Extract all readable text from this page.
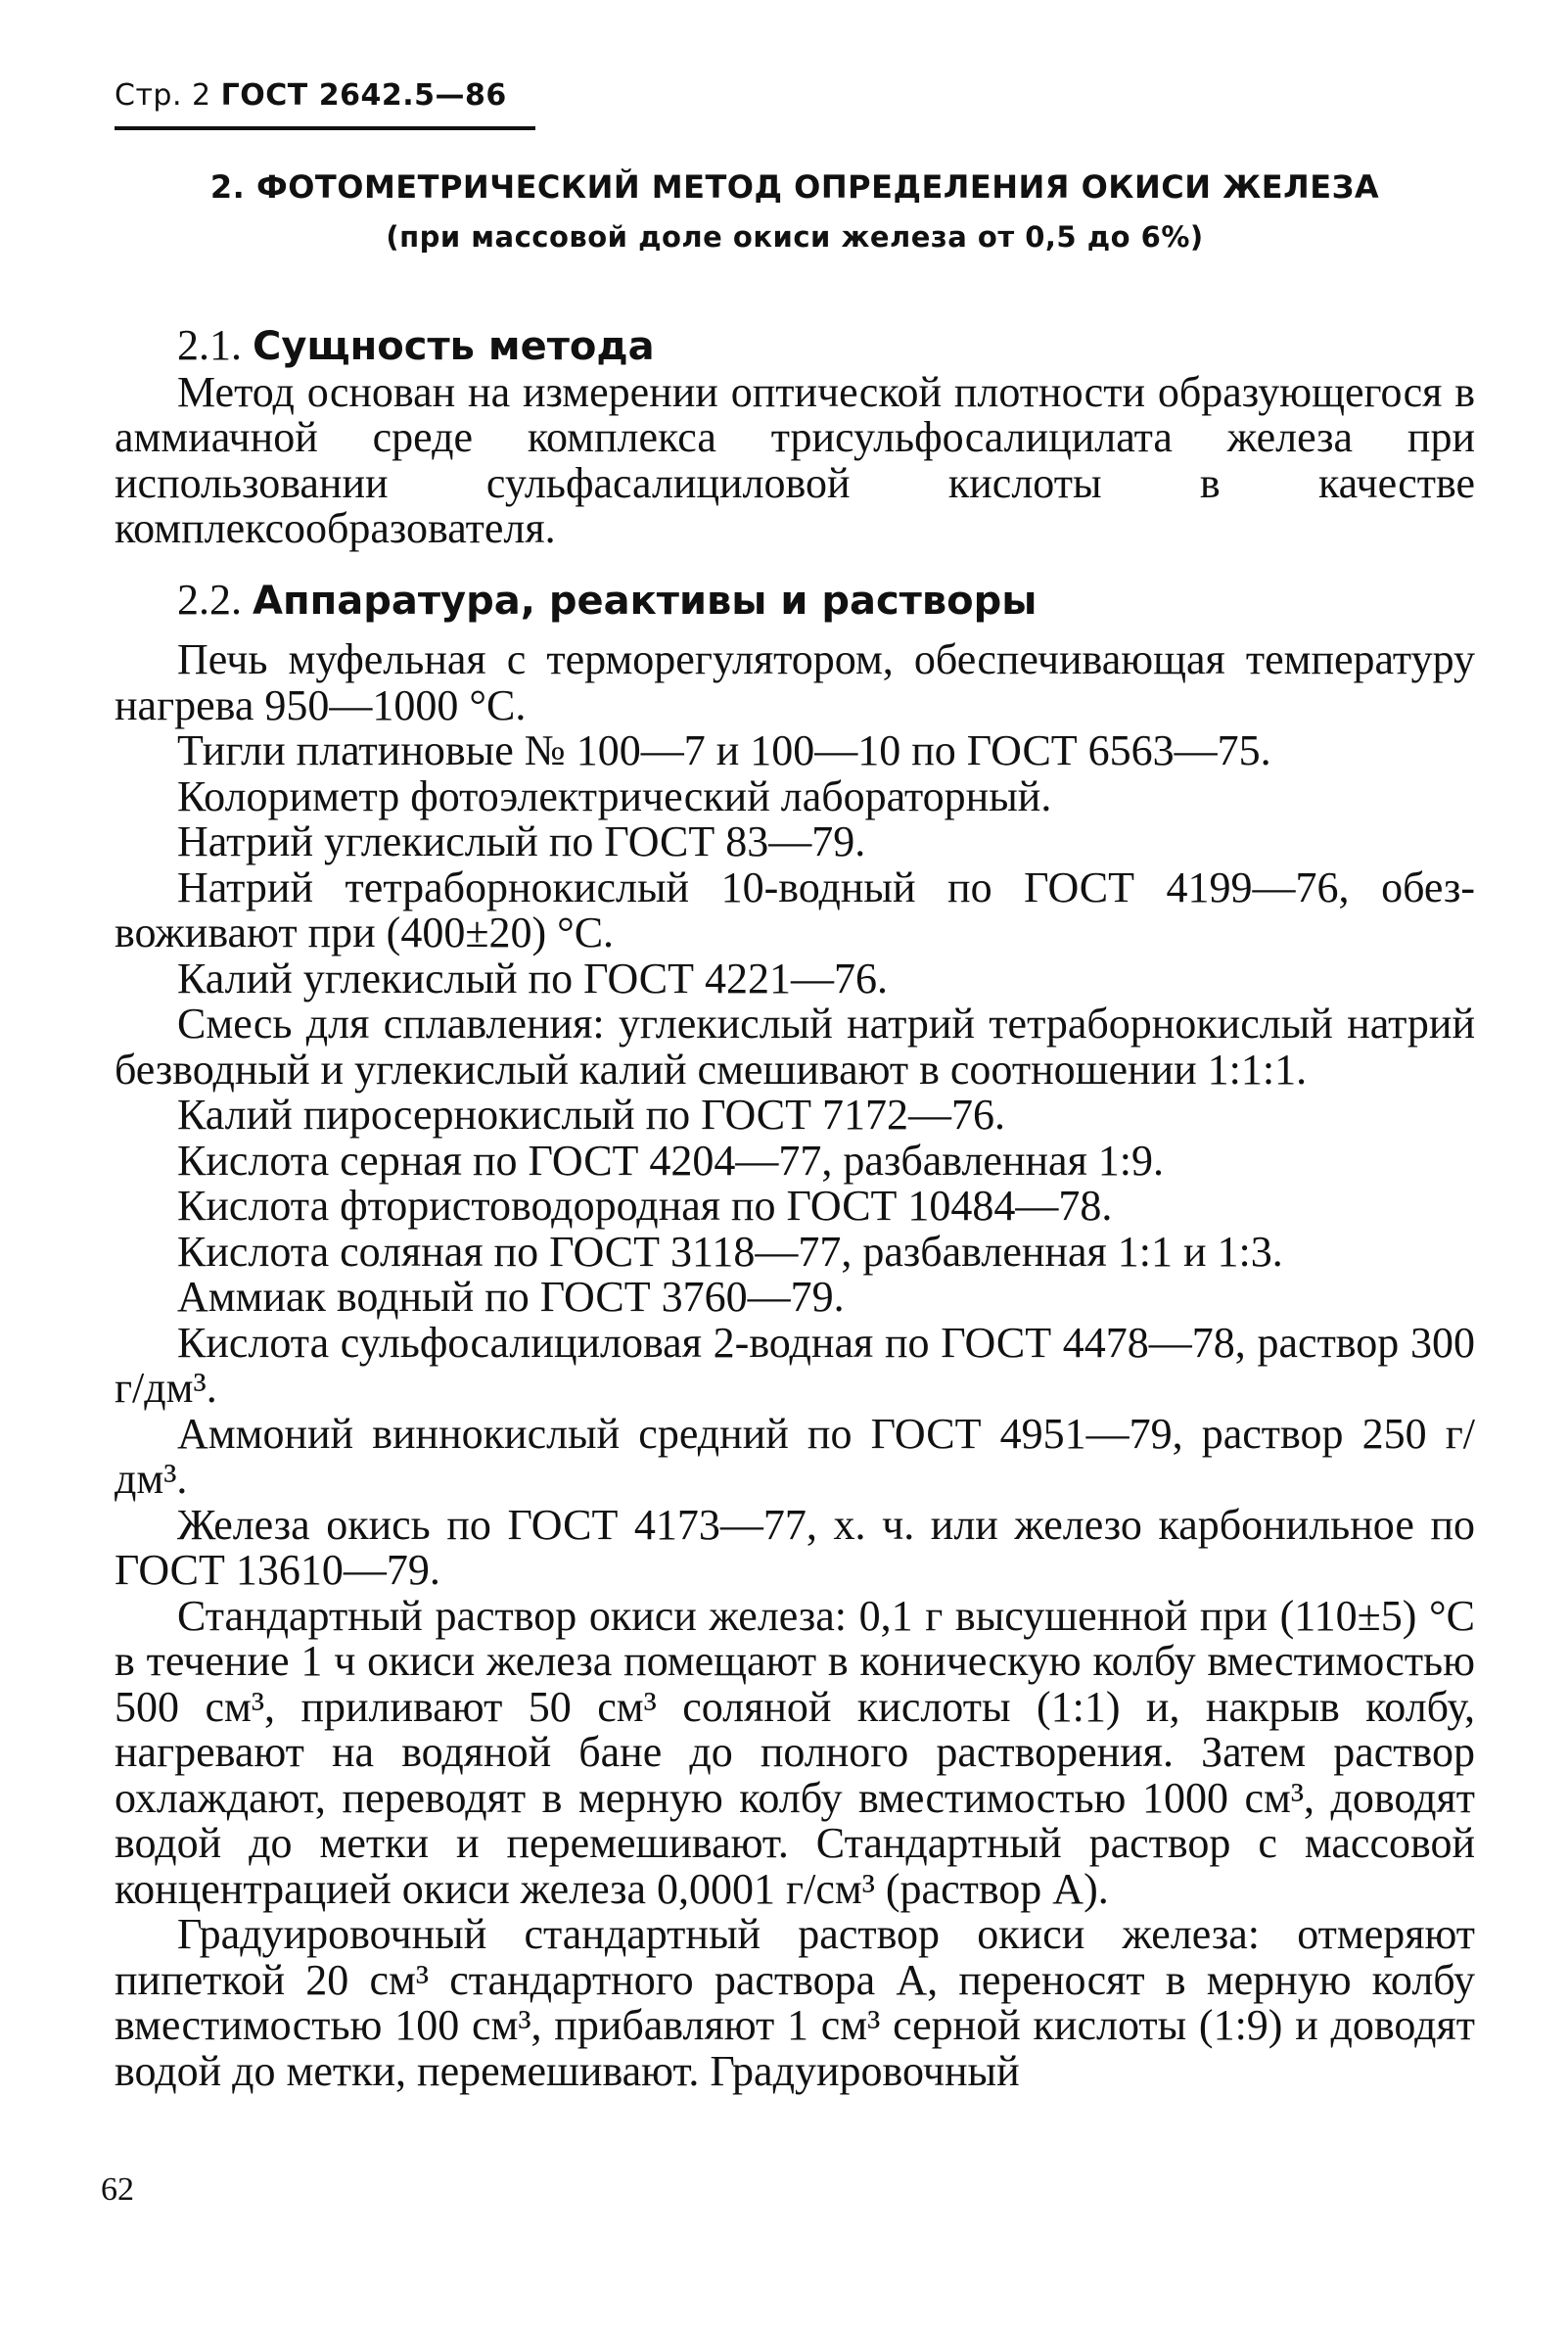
Стр. 2 ГОСТ 2642.5—86
2. ФОТОМЕТРИЧЕСКИЙ МЕТОД ОПРЕДЕЛЕНИЯ ОКИСИ ЖЕЛЕЗА
(при массовой доле окиси железа от 0,5 до 6%)
2.1. Сущность метода

Метод основан на измерении оптической плотности образующегося в аммиачной среде комплекса трисульфосалицилата железа при использовании сульфасалициловой кислоты в качестве комплексообразователя.

2.2. Аппаратура, реактивы и растворы

Печь муфельная с терморегулятором, обеспечивающая температуру нагрева 950—1000 °С.

Тигли платиновые № 100—7 и 100—10 по ГОСТ 6563—75.

Колориметр фотоэлектрический лабораторный.

Натрий углекислый по ГОСТ 83—79.

Натрий тетраборнокислый 10-водный по ГОСТ 4199—76, обезвоживают при (400±20) °С.

Калий углекислый по ГОСТ 4221—76.

Смесь для сплавления: углекислый натрий тетраборнокислый натрий безводный и углекислый калий смешивают в соотношении 1:1:1.

Калий пиросернокислый по ГОСТ 7172—76.

Кислота серная по ГОСТ 4204—77, разбавленная 1:9.

Кислота фтористоводородная по ГОСТ 10484—78.

Кислота соляная по ГОСТ 3118—77, разбавленная 1:1 и 1:3.

Аммиак водный по ГОСТ 3760—79.

Кислота сульфосалициловая 2-водная по ГОСТ 4478—78, раствор 300 г/дм³.

Аммоний виннокислый средний по ГОСТ 4951—79, раствор 250 г/дм³.

Железа окись по ГОСТ 4173—77, х. ч. или железо карбонильное по ГОСТ 13610—79.

Стандартный раствор окиси железа: 0,1 г высушенной при (110±5) °С в течение 1 ч окиси железа помещают в коническую колбу вместимостью 500 см³, приливают 50 см³ соляной кислоты (1:1) и, накрыв колбу, нагревают на водяной бане до полного растворения. Затем раствор охлаждают, переводят в мерную колбу вместимостью 1000 см³, доводят водой до метки и перемешивают. Стандартный раствор с массовой концентрацией окиси железа 0,0001 г/см³ (раствор А).

Градуировочный стандартный раствор окиси железа: отмеряют пипеткой 20 см³ стандартного раствора А, переносят в мерную колбу вместимостью 100 см³, прибавляют 1 см³ серной кислоты (1:9) и доводят водой до метки, перемешивают. Градуировочный

62
